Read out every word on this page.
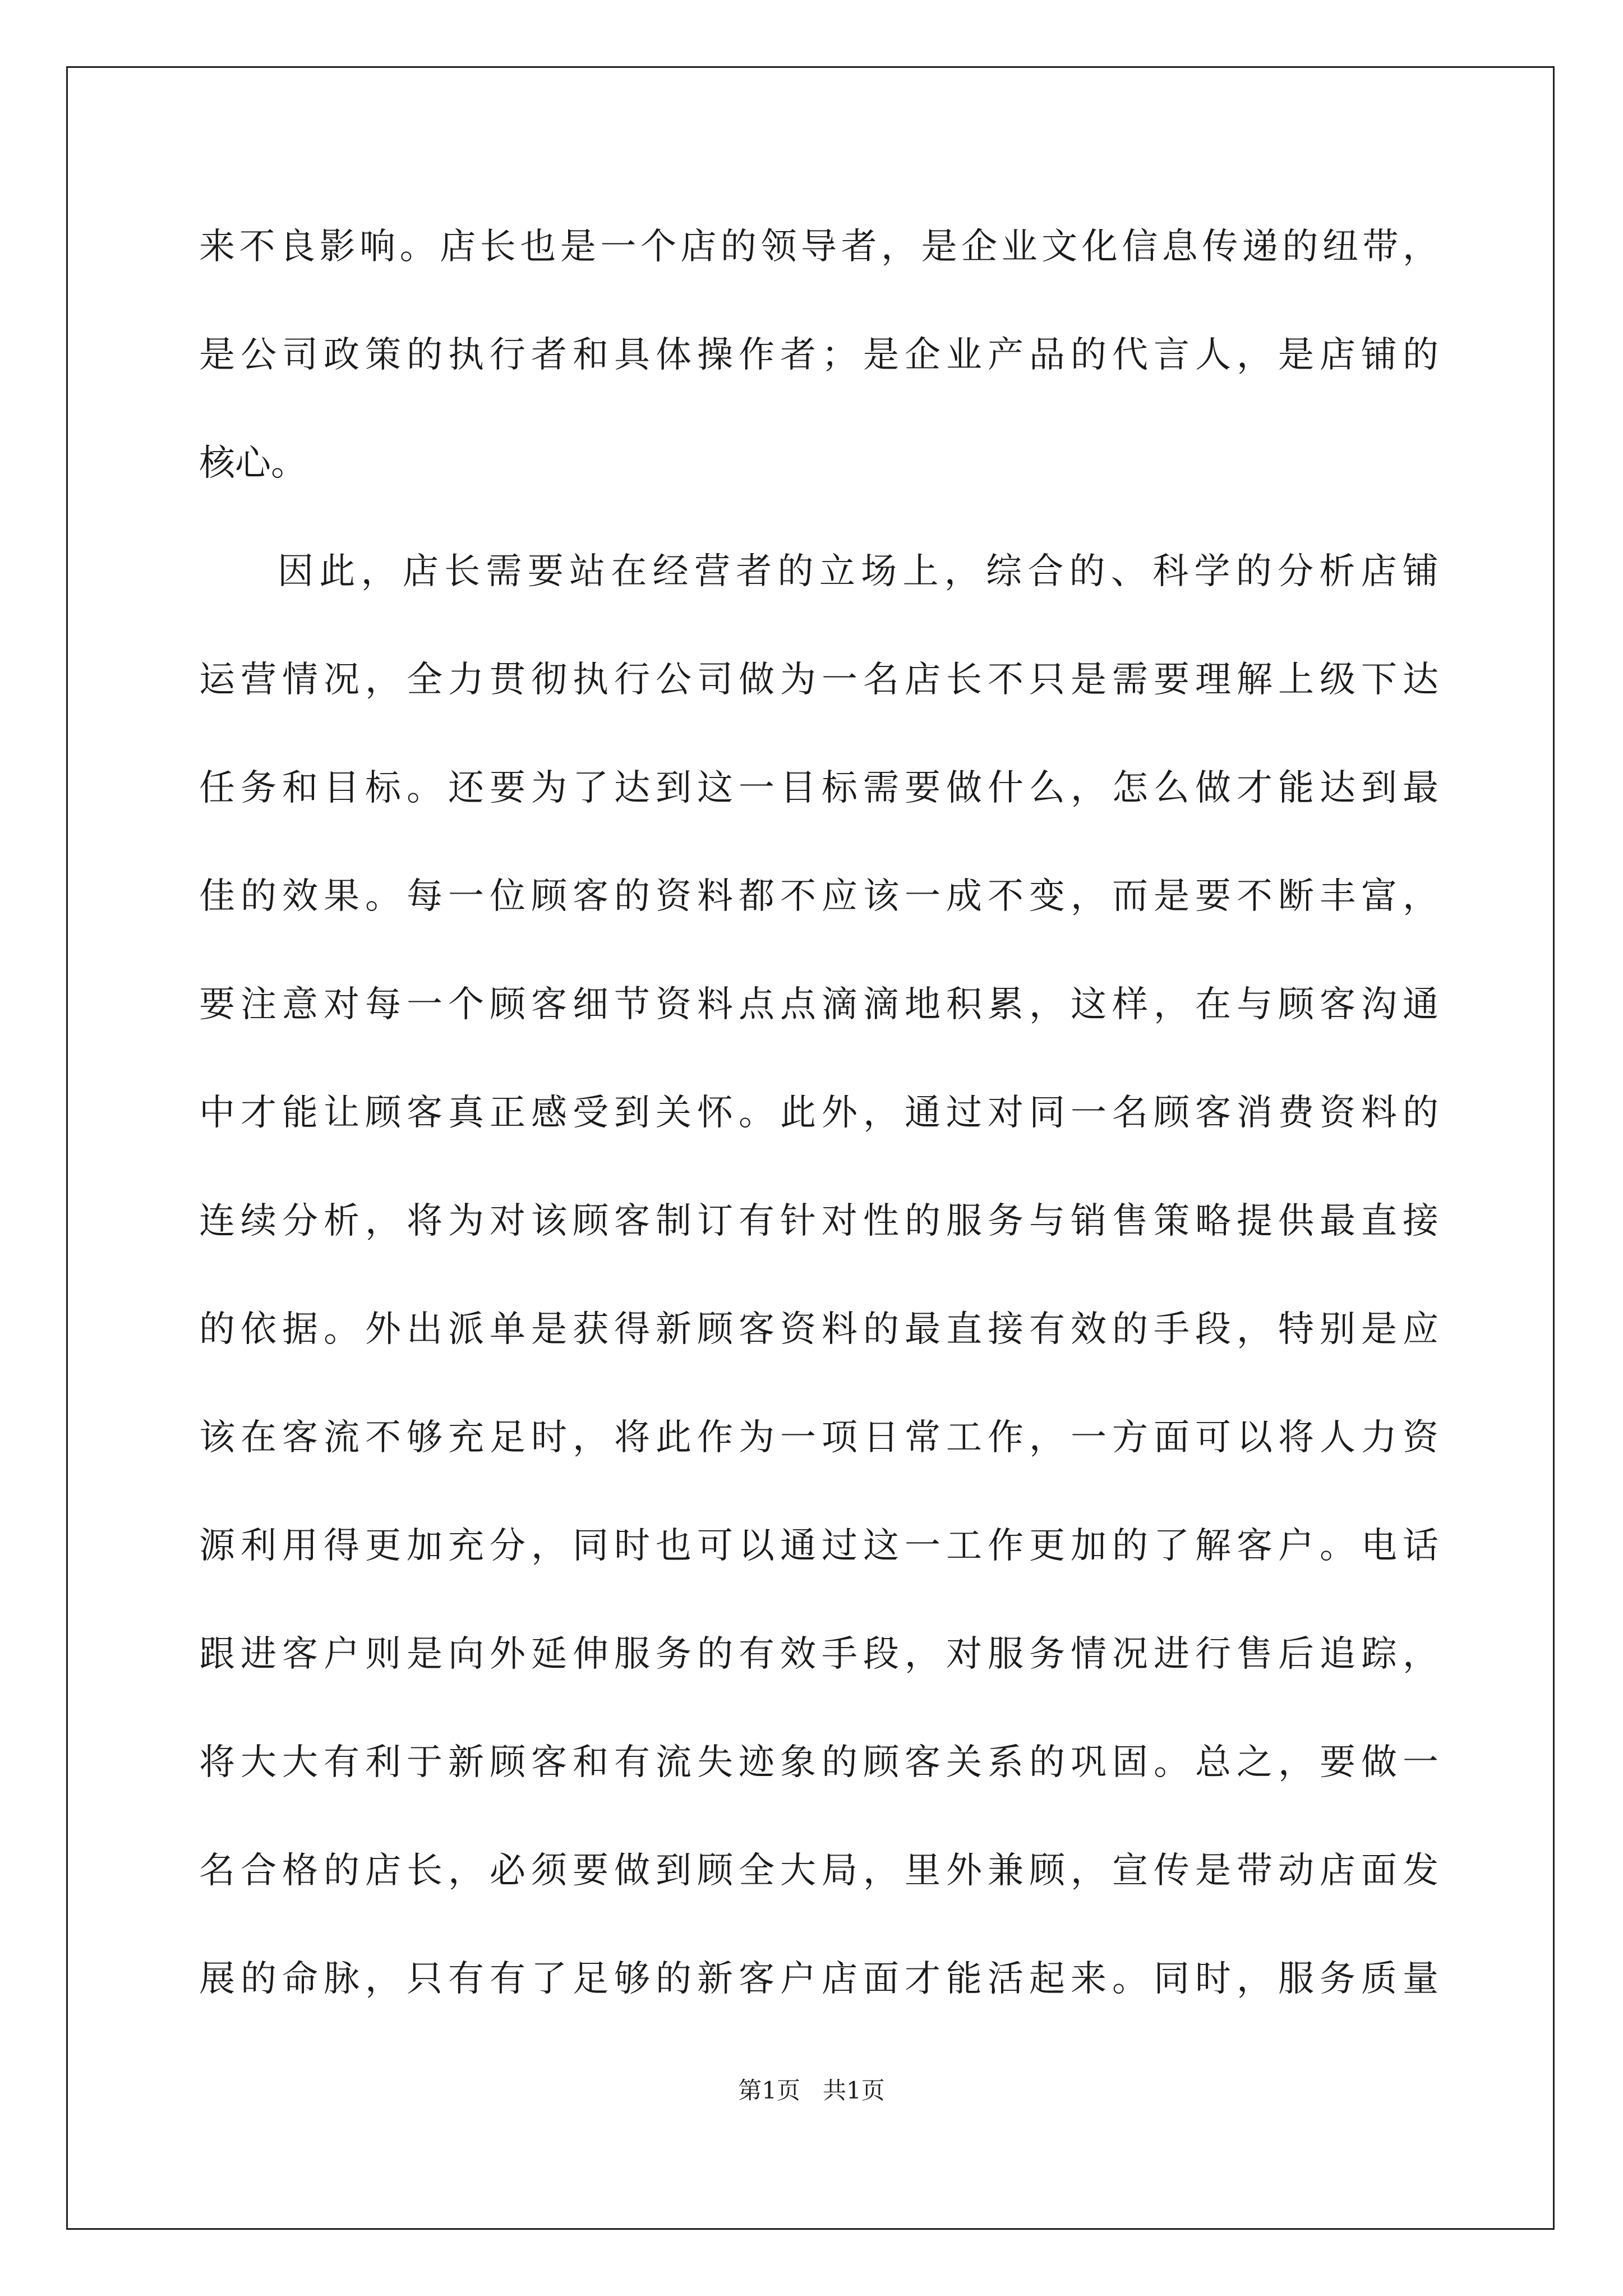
来不良影响。店长也是一个店的领导者，是企业文化信息传递的纽带，
是公司政策的执行者和具体操作者；是企业产品的代言人，是店铺的
核心。
因此，店长需要站在经营者的立场上，综合的、科学的分析店铺
运营情况，全力贯彻执行公司做为一名店长不只是需要理解上级下达
任务和目标。还要为了达到这一目标需要做什么，怎么做才能达到最
佳的效果。每一位顾客的资料都不应该一成不变，而是要不断丰富，
要注意对每一个顾客细节资料点点滴滴地积累，这样，在与顾客沟通
中才能让顾客真正感受到关怀。此外，通过对同一名顾客消费资料的
连续分析，将为对该顾客制订有针对性的服务与销售策略提供最直接
的依据。外出派单是获得新顾客资料的最直接有效的手段，特别是应
该在客流不够充足时，将此作为一项日常工作，一方面可以将人力资
源利用得更加充分，同时也可以通过这一工作更加的了解客户。电话
跟进客户则是向外延伸服务的有效手段，对服务情况进行售后追踪，
将大大有利于新顾客和有流失迹象的顾客关系的巩固。总之，要做一
名合格的店长，必须要做到顾全大局，里外兼顾，宣传是带动店面发
展的命脉，只有有了足够的新客户店面才能活起来。同时，服务质量
第1页   共1页
